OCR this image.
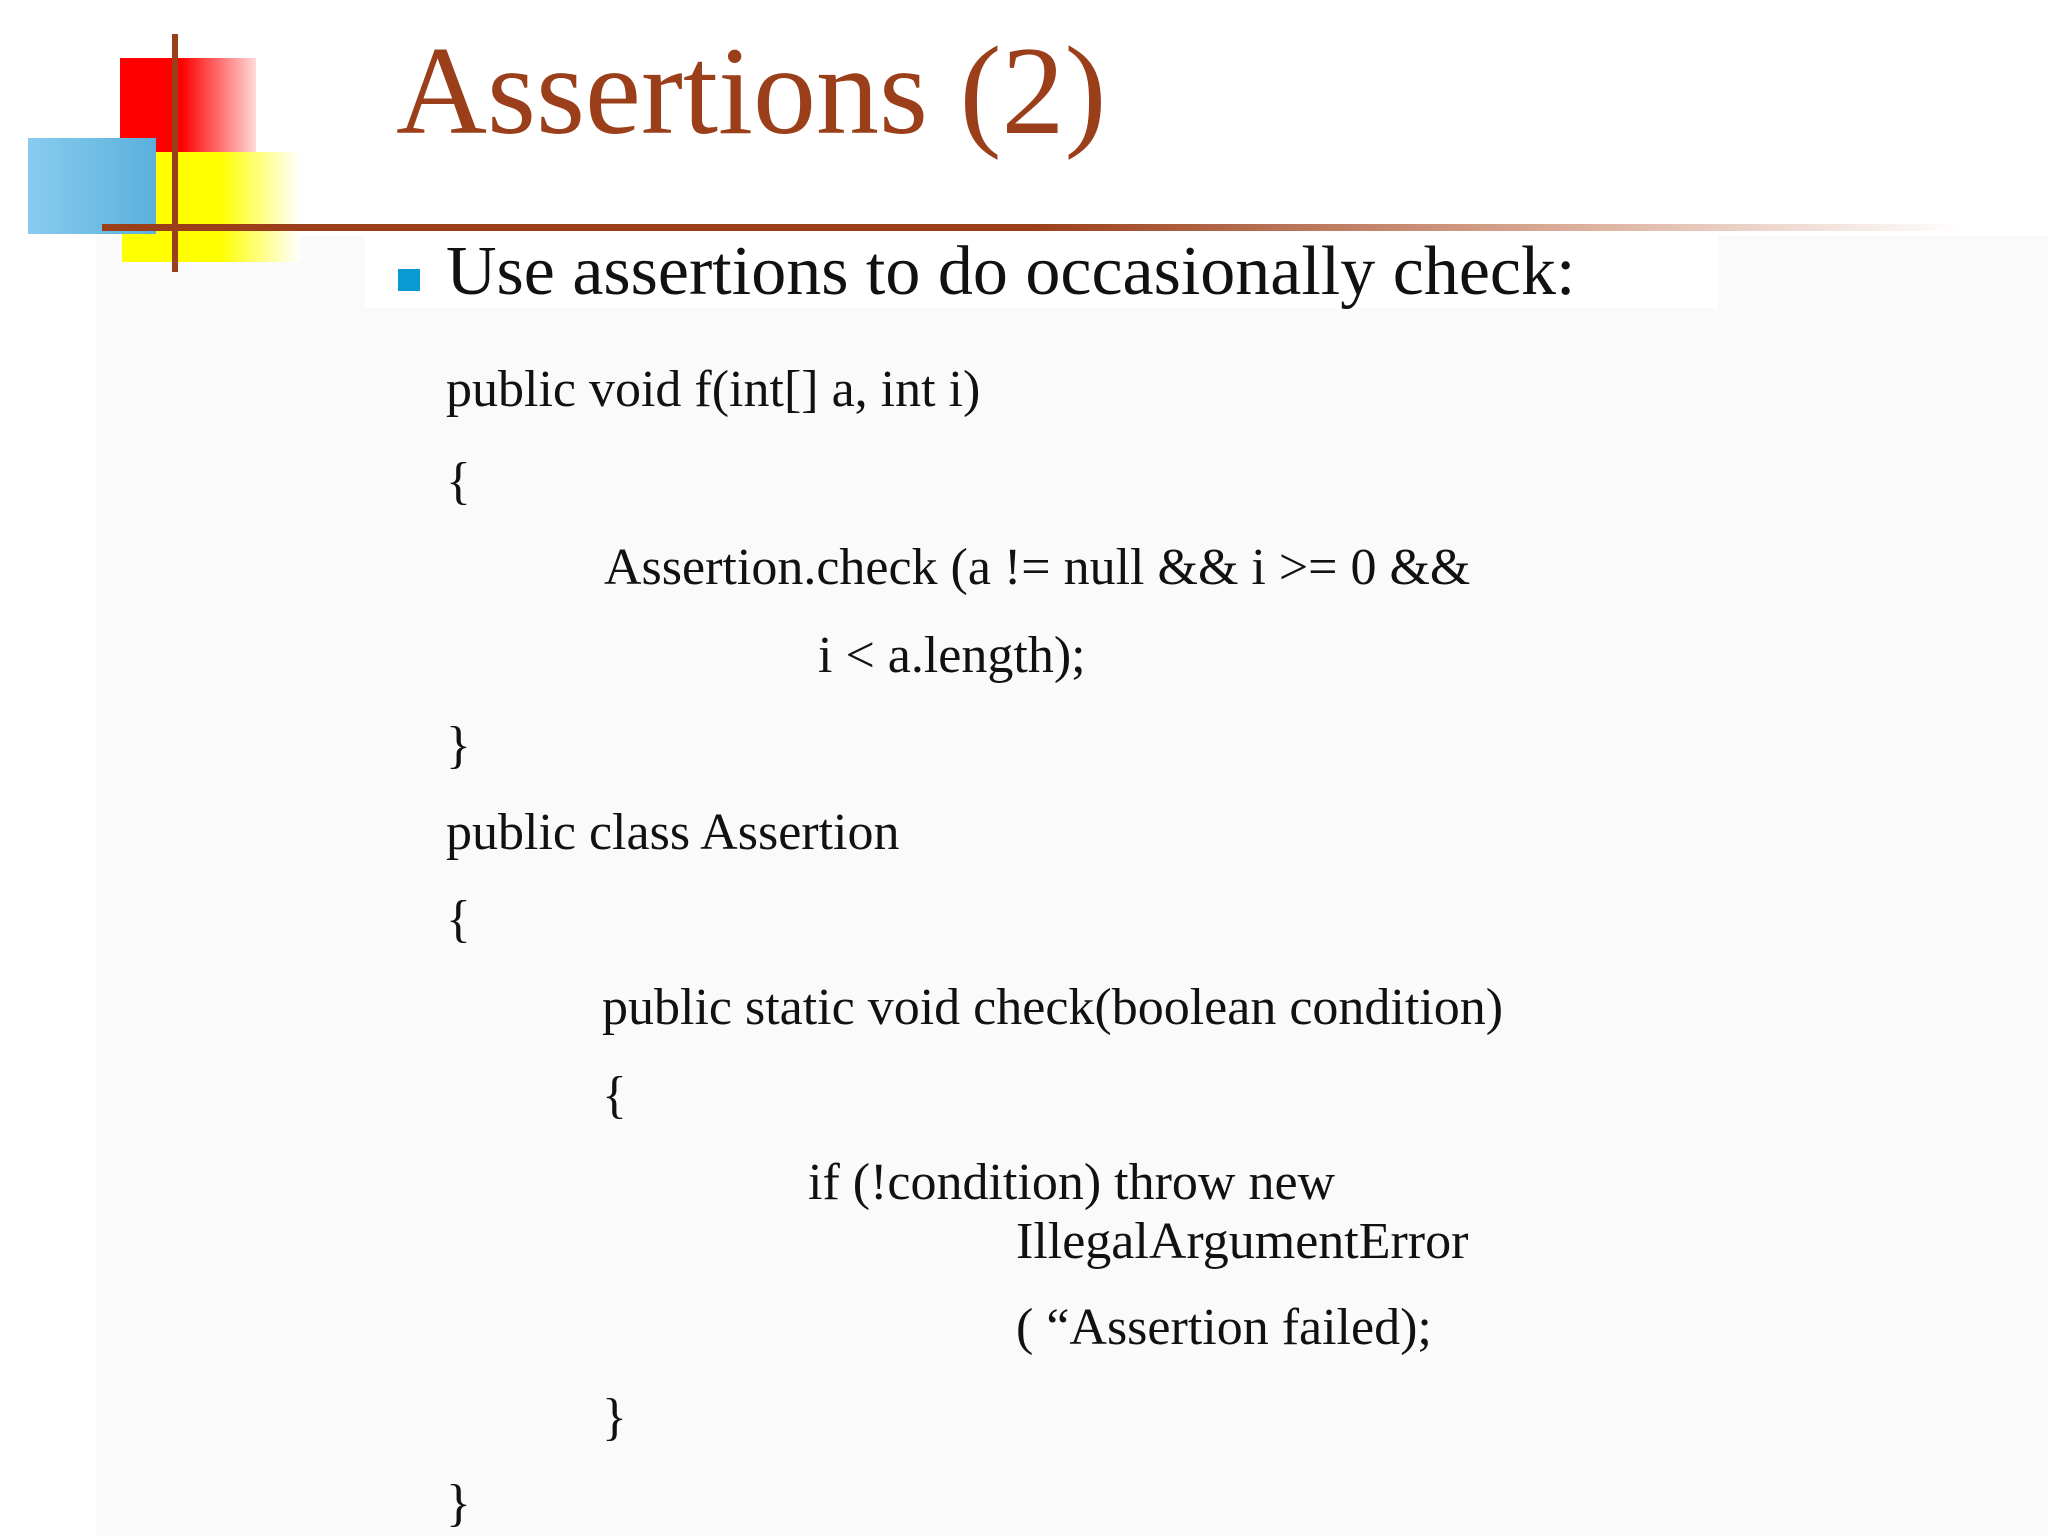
Assertions (2)
Use assertions to do occasionally check:
public void f(int[] a, int i)
{
Assertion.check (a != null && i >= 0 &&
i < a.length);
}
public class Assertion
{
public static void check(boolean condition)
{
if (!condition) throw new
IllegalArgumentError
( “Assertion failed);
}
}
